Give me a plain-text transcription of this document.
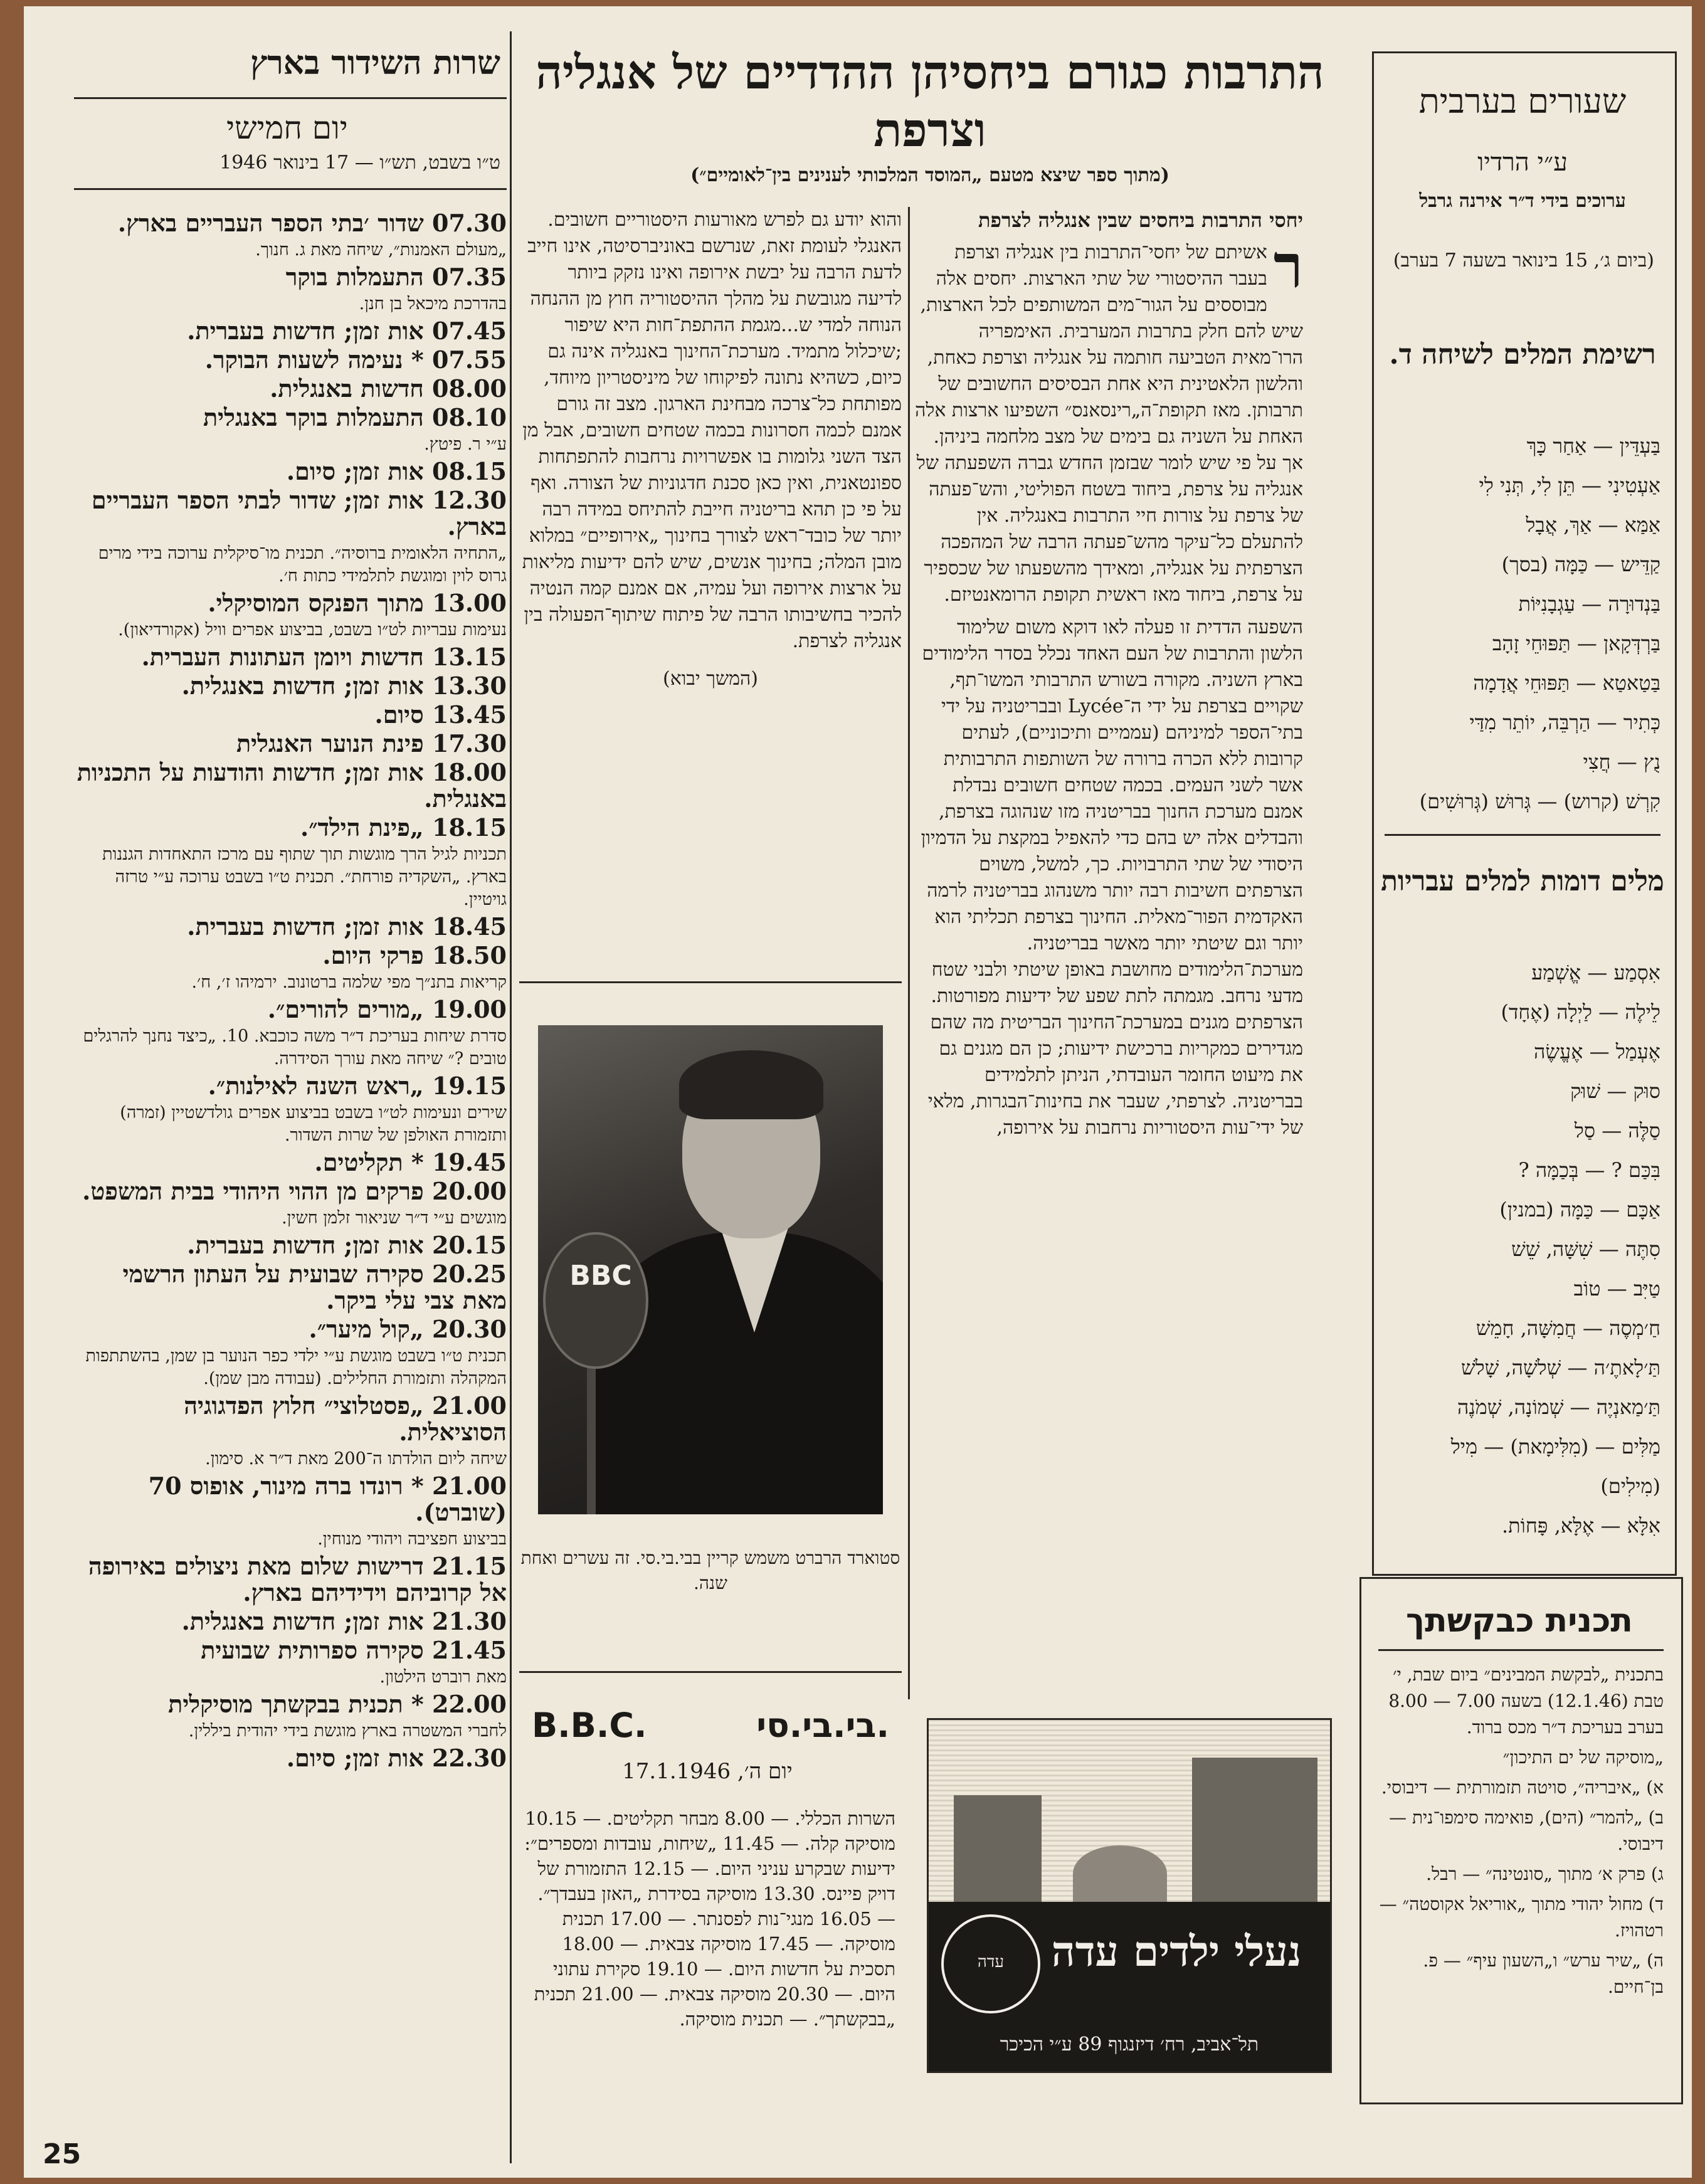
שרות השידור בארץ
יום חמישי
ט״ו בשבט, תש״ו — 17 בינואר 1946
07.30 שדור ׳בתי הספר העבריים בארץ.
„מעולם האמנות״, שיחה מאת ג. חנוך.
07.35 התעמלות בוקר
בהדרכת מיכאל בן חנן.
07.45 אות זמן; חדשות בעברית.
07.55 * נעימה לשעות הבוקר.
08.00 חדשות באנגלית.
08.10 התעמלות בוקר באנגלית
ע״י ר. פיטץ.
08.15 אות זמן; סיום.
12.30 אות זמן; שדור לבתי הספר העבריים בארץ.
„התחיה הלאומית ברוסיה״. תכנית מו־סיקלית ערוכה בידי מרים גרוס לוין ומוגשת לתלמידי כתות ח׳.
13.00 מתוך הפנקס המוסיקלי.
נעימות עבריות לט״ו בשבט, בביצוע אפרים וויל (אקורדיאון).
13.15 חדשות ויומן העתונות העברית.
13.30 אות זמן; חדשות באנגלית.
13.45 סיום.
17.30 פינת הנוער האנגלית
18.00 אות זמן; חדשות והודעות על התכניות באנגלית.
18.15 „פינת הילד״.
תכניות לגיל הרך מוגשות תוך שתוף עם מרכז התאחדות הגננות בארץ. „השקדיה פורחת״. תכנית ט״ו בשבט ערוכה ע״י טרזה גויטיין.
18.45 אות זמן; חדשות בעברית.
18.50 פרקי היום.
קריאות בתנ״ך מפי שלמה ברטונוב. ירמיהו ז׳, ח׳.
19.00 „מורים להורים״.
סדרת שיחות בעריכת ד״ר משה כוכבא. 10. „כיצד נחנך להרגלים טובים ?״ שיחה מאת עורך הסידרה.
19.15 „ראש השנה לאילנות״.
שירים ונעימות לט״ו בשבט בביצוע אפרים גולדשטיין (זמרה) ותזמורת האולפן של שרות השדור.
19.45 * תקליטים.
20.00 פרקים מן ההוי היהודי בבית המשפט.
מוגשים ע״י ד״ר שניאור זלמן חשין.
20.15 אות זמן; חדשות בעברית.
20.25 סקירה שבועית על העתון הרשמי מאת צבי עלי ביקר.
20.30 „קול מיער״.
תכנית ט״ו בשבט מוגשת ע״י ילדי כפר הנוער בן שמן, בהשתתפות המקהלה ותזמורת החלילים. (עבודה מבן שמן).
21.00 „פסטלוצי״ חלוץ הפדגוגיה הסוציאלית.
שיחה ליום הולדתו ה־200 מאת ד״ר א. סימון.
21.00 * רונדו ברה מינור, אופוס 70 (שוברט).
בביצוע חפציבה ויהודי מנוחין.
21.15 דרישות שלום מאת ניצולים באירופה אל קרוביהם וידידיהם בארץ.
21.30 אות זמן; חדשות באנגלית.
21.45 סקירה ספרותית שבועית
מאת רוברט הילטון.
22.00 * תכנית בבקשתך מוסיקלית
לחברי המשטרה בארץ מוגשת בידי יהודית ביללין.
22.30 אות זמן; סיום.
25
התרבות כגורם ביחסיהן ההדדיים של אנגליה וצרפת
(מתוך ספר שיצא מטעם „המוסד המלכותי לענינים בין־לאומיים״)

יחסי התרבות ביחסים שבין אנגליה לצרפת

ר
אשיתם של יחסי־התרבות בין אנגליה וצרפת בעבר ההיסטורי של שתי הארצות. יחסים אלה מבוססים על הגור־מים המשותפים לכל הארצות, שיש להם חלק בתרבות המערבית. האימפריה הרו־מאית הטביעה חותמה על אנגליה וצרפת כאחת, והלשון הלאטינית היא אחת הבסיסים החשובים של תרבותן. מאז תקופת־ה„רינסאנס״ השפיעו ארצות אלה האחת על השניה גם בימים של מצב מלחמה ביניהן. אך על פי שיש לומר שבזמן החדש גברה השפעתה של אנגליה על צרפת, ביחוד בשטח הפוליטי, והש־פעתה של צרפת על צורות חיי התרבות באנגליה. אין להתעלם כל־עיקר מהש־פעתה הרבה של המהפכה הצרפתית על אנגליה, ומאידך מהשפעתו של שכספיר על צרפת, ביחוד מאז ראשית תקופת הרומאנטיזם.

השפעה הדדית זו פעלה לאו דוקא משום שלימוד הלשון והתרבות של העם האחד נכלל בסדר הלימודים בארץ השניה. מקורה בשורש התרבותי המשו־תף, שקויים בצרפת על ידי ה־Lycée ובבריטניה על ידי בתי־הספר למיניהם (עממיים ותיכוניים), לעתים קרובות ללא הכרה ברורה של השותפות התרבותית אשר לשני העמים. בכמה שטחים חשובים נבדלת אמנם מערכת החנוך בבריטניה מזו שנהוגה בצרפת, והבדלים אלה יש בהם כדי להאפיל במקצת על הדמיון היסודי של שתי התרבויות. כך, למשל, משוים הצרפתים חשיבות רבה יותר משנהוג בבריטניה לרמה האקדמית הפור־מאלית. החינוך בצרפת תכליתי הוא יותר וגם שיטתי יותר מאשר בבריטניה. מערכת־הלימודים מחושבת באופן שיטתי ולבני שטח מדעי נרחב. מגמתה לתת שפע של ידיעות מפורטות. הצרפתים מגנים במערכת־החינוך הבריטית מה שהם מגדירים כמקריות ברכישת ידיעות; כן הם מגנים גם את מיעוט החומר העובדתי, הניתן לתלמידים בבריטניה. לצרפתי, שעבר את בחינות־הבגרות, מלאי של ידי־עות היסטוריות נרחבות על אירופה,

והוא יודע גם לפרש מאורעות היסטוריים חשובים. האנגלי לעומת זאת, שנרשם באוניברסיטה, אינו חייב לדעת הרבה על יבשת אירופה ואינו נזקק ביותר לדיעה מגובשת על מהלך ההיסטוריה חוץ מן ההנחה הנוחה למדי ש...מגמת ההתפת־חות היא שיפור ;שיכלול מתמיד. מערכת־החינוך באנגליה אינה גם כיום, כשהיא נתונה לפיקוחו של מיניסטריון מיוחד, מפותחת כל־צרכה מבחינת הארגון. מצב זה גורם אמנם לכמה חסרונות בכמה שטחים חשובים, אבל מן הצד השני גלומות בו אפשרויות נרחבות להתפתחות ספונטאנית, ואין כאן סכנת חדגוניות של הצורה. ואף על פי כן תהא בריטניה חייבת להתיחס במידה רבה יותר של כובד־ראש לצורך בחינוך „אירופיים״ במלוא מובן המלה; בחינוך אנשים, שיש להם ידיעות מליאות על ארצות אירופה ועל עמיה, אם אמנם קמה הנטיה להכיר בחשיבותו הרבה של פיתוח שיתוף־הפעולה בין אנגליה לצרפת.

(המשך יבוא)
BBC
סטוארד הרברט משמש קריין בבי.בי.סי. זה עשרים ואחת שנה.
B.B.C.	בי.בי.סי.
יום ה׳, 17.1.1946
השרות הכללי. — 8.00 מבחר תקליטים. — 10.15 מוסיקה קלה. — 11.45 „שיחות, עובדות ומספרים״: ידיעות שבקרע עניני היום. — 12.15 התזמורת של דויק פיינס. 13.30 מוסיקה בסידרת „האזן בעבדך״. — 16.05 מנגי־נות לפסנתר. — 17.00 תכנית מוסיקה. — 17.45 מוסיקה צבאית. — 18.00 תסכית על חדשות היום. — 19.10 סקירת עתוני היום. — 20.30 מוסיקה צבאית. — 21.00 תכנית „בבקשתך״. — תכנית מוסיקה.
עדה	נעלי ילדים עדה
תל־אביב, רח׳ דיזנגוף 89 ע״י הכיכר
שעורים בערבית
ע״י הרדיו
ערוכים בידי ד״ר אירנה גרבל
(ביום ג׳, 15 בינואר בשעה 7 בערב)
רשימת המלים לשיחה ד.
בַּעְדֵּין — אַחַר כָּךְ
אַעְטִינִי — תֵּן לִי, תְּנִי לִי
אַמַּא — אַךְ, אֲבָל
קַדֵּיש — כַּמָּה (בסך)
בַּנְדוּרָה — עַגְבָנִיּוֹת
בַּרְדְּקָאן — תַּפּוּחֵי זָהָב
בַּטַאטַא — תַּפּוּחֵי אֲדָמָה
כְּתִיר — הַרְבֵּה, יוֹתֵר מִדַּי
נֻץ — חֲצִי
קִרְשׁ (קרוש) — גְּרוּשׁ (גְּרוּשִׁים)
מלים דומות למלים עבריות
אִסְמַע — אֱשְׁמַע
לֵילֶה — לַיְלָה (אֶחָד)
אֶעְמַל — אֶעֱשֶׂה
סוּק — שׁוּק
סַלֶּה — סַל
בִּכַּם ? — בְּכַמָּה ?
אַכָּם — כַּמָּה (במנין)
סִתֶּה — שִׁשָּׁה, שֵׁשׁ
טַיִּב — טוֹב
חַ׳מְסֶה — חֲמִשָּׁה, חָמֵשׁ
תַּ׳לָאתֶ׳ה — שְׁלֹשָׁה, שָׁלֹשׁ
תַּ׳מַאנְיֶה — שְׁמוֹנָה, שְׁמֹנֶה
מַלִּים — (מִלִּימָאת) — מִיל (מִילִים)
אִלָּא — אֶלָּא, פָּחוֹת.
תכנית כבקשתך

בתכנית „לבקשת המבינים״ ביום שבת, י׳ טבת (12.1.46) בשעה 7.00 — 8.00 בערב בעריכת ד״ר מכס ברוד.

„מוסיקה של ים התיכון״

א) „איבריה״, סויטה תזמורתית — דיבוסי.

ב) „להמר״ (הים), פואימה סימפו־נית — דיבוסי.

ג) פרק א׳ מתוך „סונטינה״ — רבל.

ד) מחול יהודי מתוך „אוריאל אקוסטה״ — רטהויז.

ה) „שיר ערש״ ו„השעון עיף״ — פ. בן־חיים.
